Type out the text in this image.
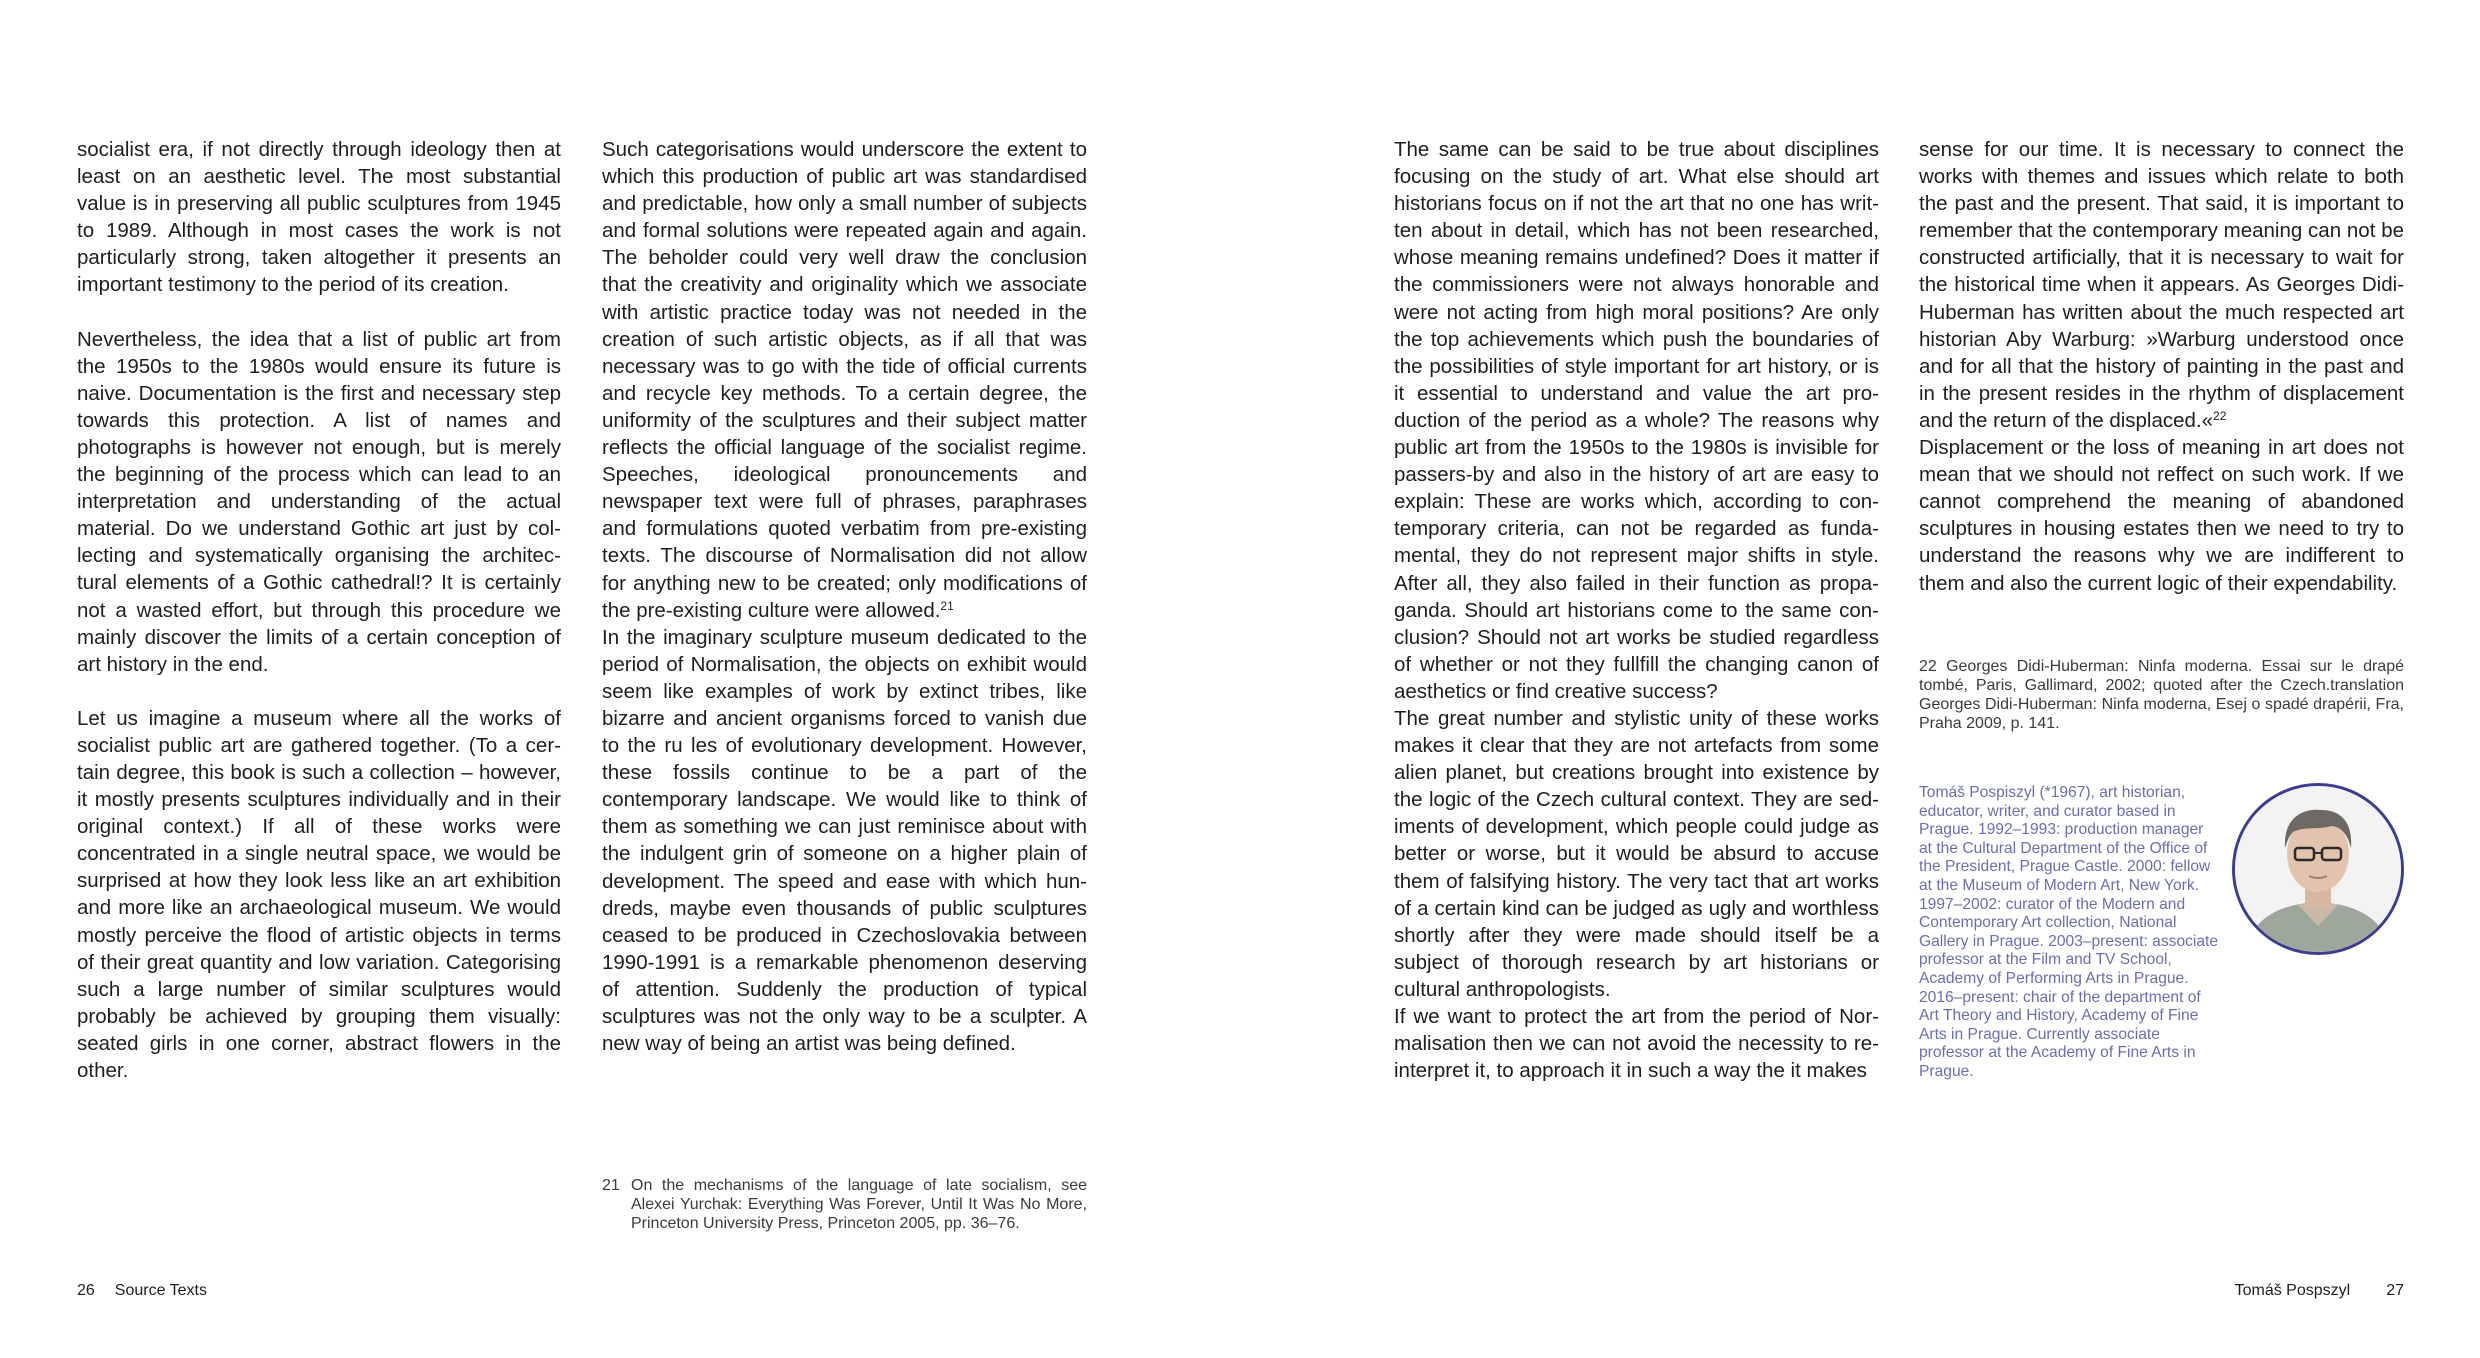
socialist era, if not directly through ideology then at least on an aesthetic level. The most substantial value is in preserving all public sculptures from 1945 to 1989. Although in most cases the work is not particularly strong, taken altogether it presents an important testimony to the period of its creation.

Nevertheless, the idea that a list of public art from the 1950s to the 1980s would ensure its future is naive. Documentation is the first and necessary step towards this protection. A list of names and photographs is however not enough, but is merely the beginning of the process which can lead to an interpretation and understanding of the actual material. Do we understand Gothic art just by collecting and systematically organising the architectural elements of a Gothic cathedral!? It is certainly not a wasted effort, but through this procedure we mainly discover the limits of a certain conception of art history in the end.

Let us imagine a museum where all the works of socialist public art are gathered together. (To a certain degree, this book is such a collection – however, it mostly presents sculptures individually and in their original context.) If all of these works were concentrated in a single neutral space, we would be surprised at how they look less like an art exhibition and more like an archaeological museum. We would mostly perceive the flood of artistic objects in terms of their great quantity and low variation. Categorising such a large number of similar sculptures would probably be achieved by grouping them visually: seated girls in one corner, abstract flowers in the other.

Such categorisations would underscore the extent to which this production of public art was standardised and predictable, how only a small number of subjects and formal solutions were repeated again and again. The beholder could very well draw the conclusion that the creativity and originality which we associate with artistic practice today was not needed in the creation of such artistic objects, as if all that was necessary was to go with the tide of official currents and recycle key methods. To a certain degree, the uniformity of the sculptures and their subject matter reflects the official language of the socialist regime. Speeches, ideological pronouncements and newspaper text were full of phrases, paraphrases and formulations quoted verbatim from pre-existing texts. The discourse of Normalisation did not allow for anything new to be created; only modifications of the pre-existing culture were allowed.$^{21}$

In the imaginary sculpture museum dedicated to the period of Normalisation, the objects on exhibit would seem like examples of work by extinct tribes, like bizarre and ancient organisms forced to vanish due to the ru les of evolutionary development. However, these fossils continue to be a part of the contemporary landscape. We would like to think of them as something we can just reminisce about with the indulgent grin of someone on a higher plain of development. The speed and ease with which hundreds, maybe even thousands of public sculptures ceased to be produced in Czechoslovakia between 1990-1991 is a remarkable phenomenon deserving of attention. Suddenly the production of typical sculptures was not the only way to be a sculpter. A new way of being an artist was being defined.

21 On the mechanisms of the language of late socialism, see Alexei Yurchak: Everything Was Forever, Until It Was No More, Princeton University Press, Princeton 2005, pp. 36–76.
26 Source Texts

The same can be said to be true about disciplines focusing on the study of art. What else should art historians focus on if not the art that no one has written about in detail, which has not been researched, whose meaning remains undefined? Does it matter if the commissioners were not always honorable and were not acting from high moral positions? Are only the top achievements which push the boundaries of the possibilities of style important for art history, or is it essential to understand and value the art production of the period as a whole? The reasons why public art from the 1950s to the 1980s is invisible for passers-by and also in the history of art are easy to explain: These are works which, according to contemporary criteria, can not be regarded as fundamental, they do not represent major shifts in style. After all, they also failed in their function as propaganda. Should art historians come to the same conclusion? Should not art works be studied regardless of whether or not they fullfill the changing canon of aesthetics or find creative success?

The great number and stylistic unity of these works makes it clear that they are not artefacts from some alien planet, but creations brought into existence by the logic of the Czech cultural context. They are sediments of development, which people could judge as better or worse, but it would be absurd to accuse them of falsifying history. The very tact that art works of a certain kind can be judged as ugly and worthless shortly after they were made should itself be a subject of thorough research by art historians or cultural anthropologists.

If we want to protect the art from the period of Normalisation then we can not avoid the necessity to reinterpret it, to approach it in such a way the it makes

sense for our time. It is necessary to connect the works with themes and issues which relate to both the past and the present. That said, it is important to remember that the contemporary meaning can not be constructed artificially, that it is necessary to wait for the historical time when it appears. As Georges Didi-Huberman has written about the much respected art historian Aby Warburg: »Warburg understood once and for all that the history of painting in the past and in the present resides in the rhythm of displacement and the return of the displaced.«$^{22}$

Displacement or the loss of meaning in art does not mean that we should not reffect on such work. If we cannot comprehend the meaning of abandoned sculptures in housing estates then we need to try to understand the reasons why we are indifferent to them and also the current logic of their expendability.

22 Georges Didi-Huberman: Ninfa moderna. Essai sur le drapé tombé, Paris, Gallimard, 2002; quoted after the Czech.translation Georges Didi-Huberman: Ninfa moderna, Esej o spadé drapérii, Fra, Praha 2009, p. 141.
Tomáš Pospiszyl (*1967), art historian, educator, writer, and curator based in Prague. 1992–1993: production manager at the Cultural Department of the Office of the President, Prague Castle. 2000: fellow at the Museum of Modern Art, New York. 1997–2002: curator of the Modern and Contemporary Art collection, National Gallery in Prague. 2003–present: associate professor at the Film and TV School, Academy of Performing Arts in Prague. 2016–present: chair of the department of Art Theory and History, Academy of Fine Arts in Prague. Currently associate professor at the Academy of Fine Arts in Prague.
Tomáš Pospszyl 27
